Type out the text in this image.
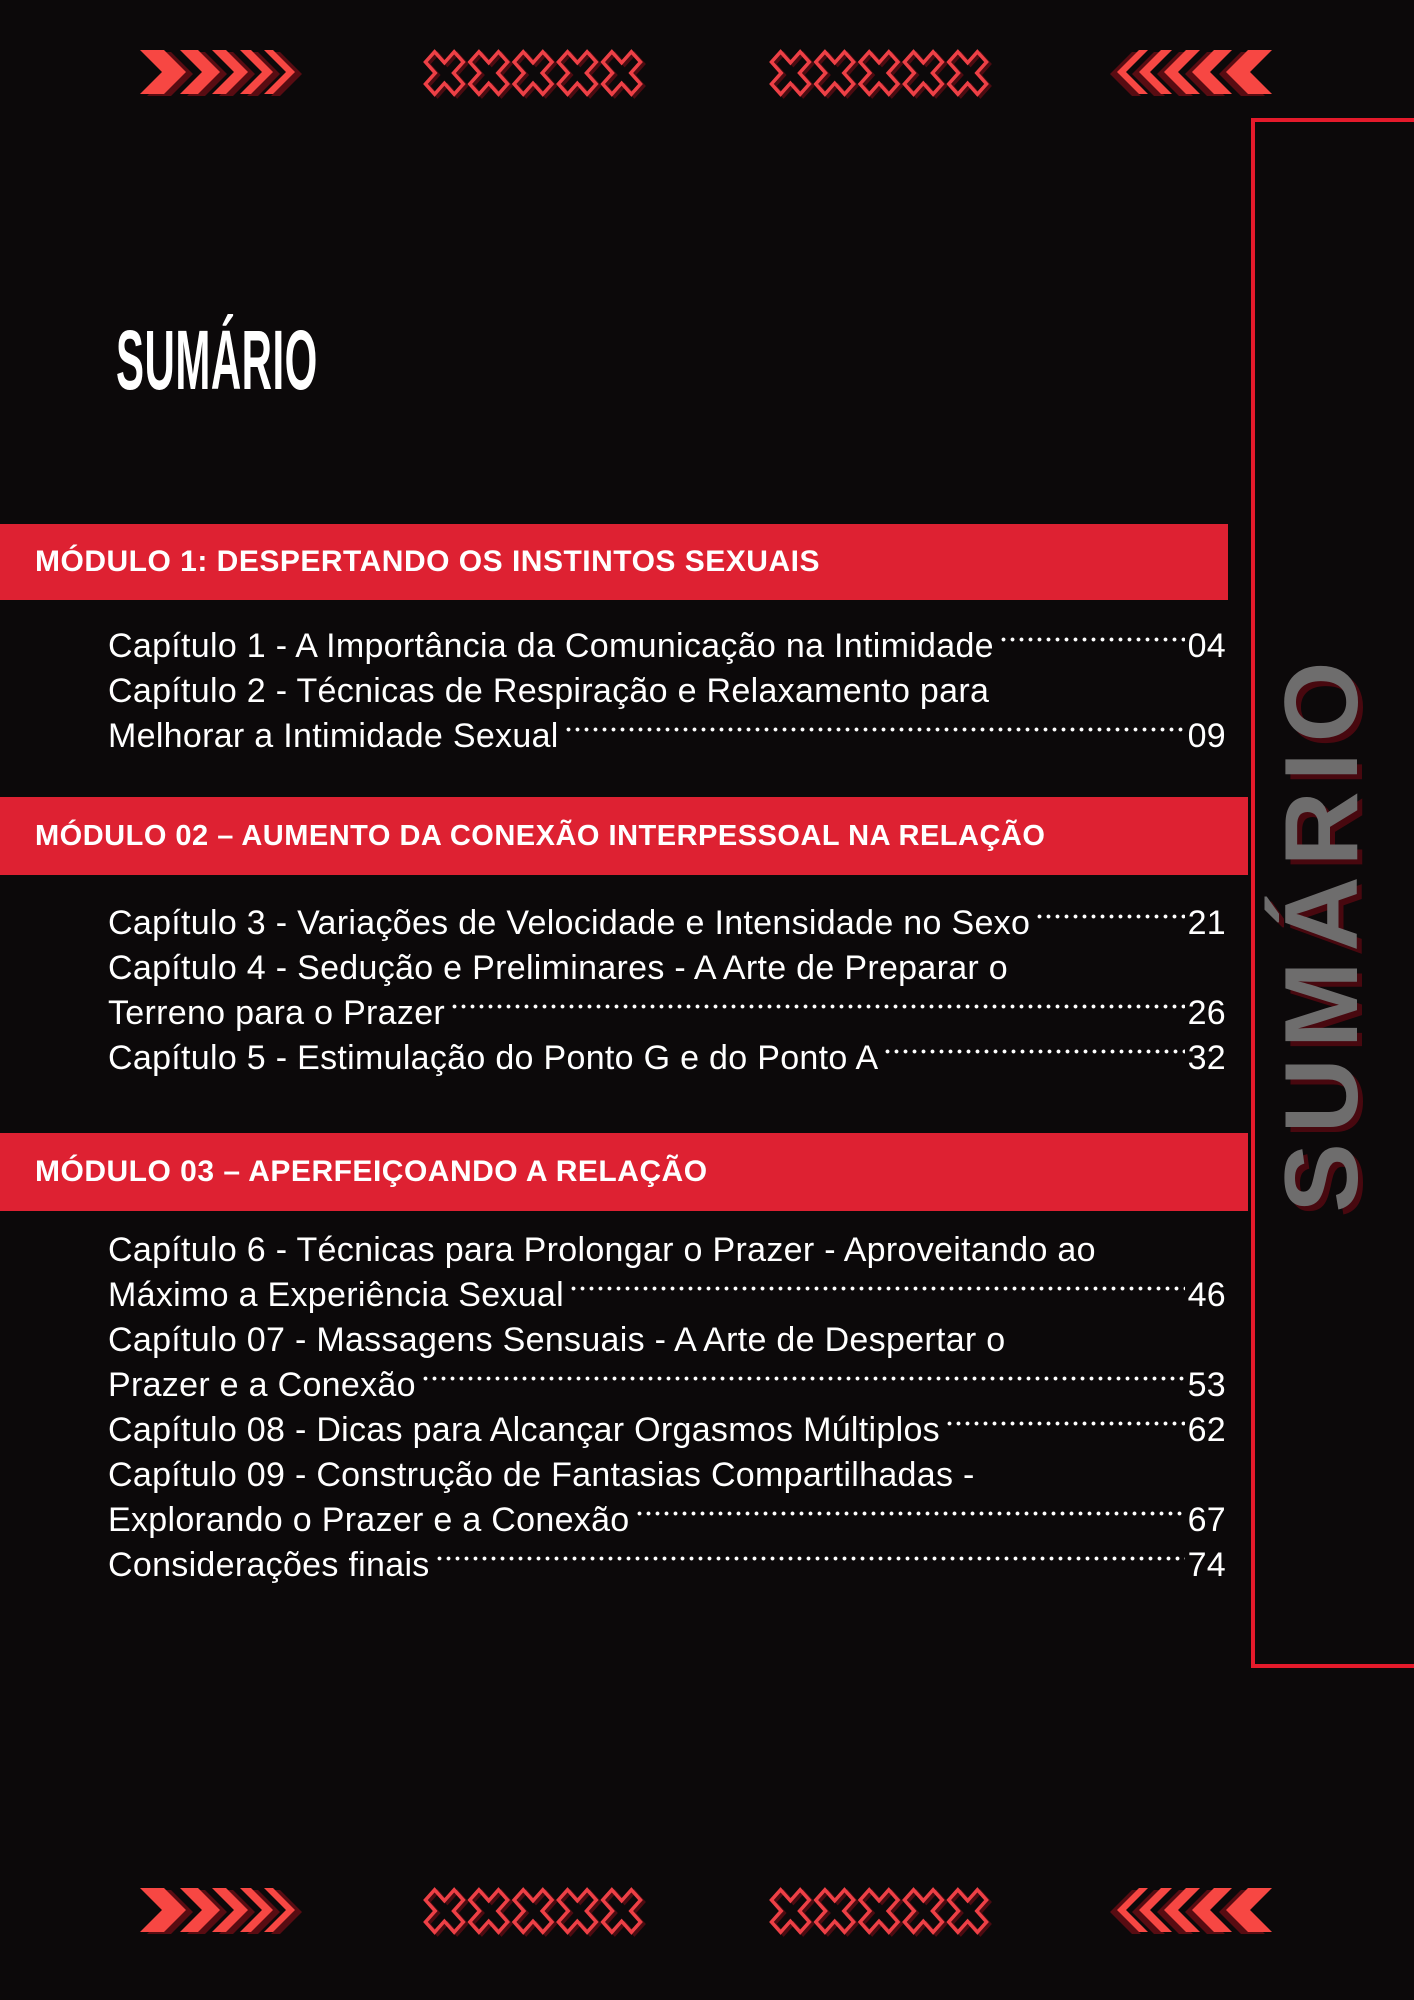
SUMÁRIO
MÓDULO 1: DESPERTANDO OS INSTINTOS SEXUAIS
Capítulo 1 - A Importância da Comunicação na Intimidade	04
Capítulo 2 - Técnicas de Respiração e Relaxamento para
Melhorar a Intimidade Sexual	09
MÓDULO 02 – AUMENTO DA CONEXÃO INTERPESSOAL NA RELAÇÃO
Capítulo 3 - Variações de Velocidade e Intensidade no Sexo	21
Capítulo 4 - Sedução e Preliminares - A Arte de Preparar o
Terreno para o Prazer	26
Capítulo 5 - Estimulação do Ponto G e do Ponto A	32
MÓDULO 03 – APERFEIÇOANDO A RELAÇÃO
Capítulo 6 - Técnicas para Prolongar o Prazer - Aproveitando ao
Máximo a Experiência Sexual	46
Capítulo 07 - Massagens Sensuais - A Arte de Despertar o
Prazer e a Conexão	53
Capítulo 08 - Dicas para Alcançar Orgasmos Múltiplos	62
Capítulo 09 - Construção de Fantasias Compartilhadas -
Explorando o Prazer e a Conexão	67
Considerações finais	74

SUMÁRIO
